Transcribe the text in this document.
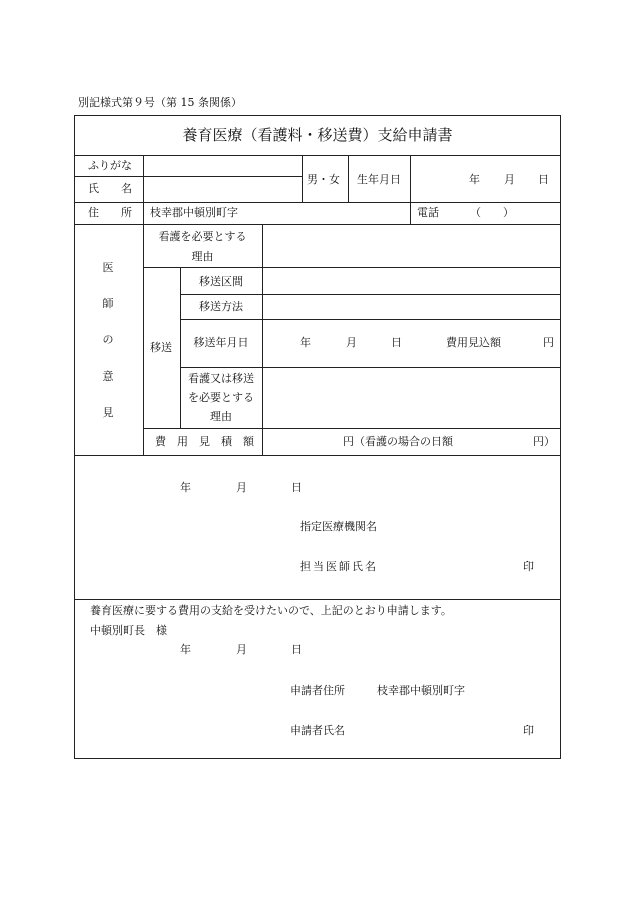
別記様式第９号（第 15 条関係）
養育医療（看護料・移送費）支給申請書
ふりがな
氏　　名
男・女 生年月日	年 月 日
住　　所 枝幸郡中頓別町字	電話	（　　）
医
師
の
意
見
看護を必要とする
理由
移送
移送区間
移送方法
移送年月日	年	月	日	費用見込額	円
看護又は移送
を必要とする
理由
費　用　見　積　額	円（看護の場合の日額	円）
年	月	日
指定医療機関名
担当医師氏名	印
養育医療に要する費用の支給を受けたいので、上記のとおり申請します。
中頓別町長　様
年	月	日
申請者住所	枝幸郡中頓別町字
申請者氏名	印
